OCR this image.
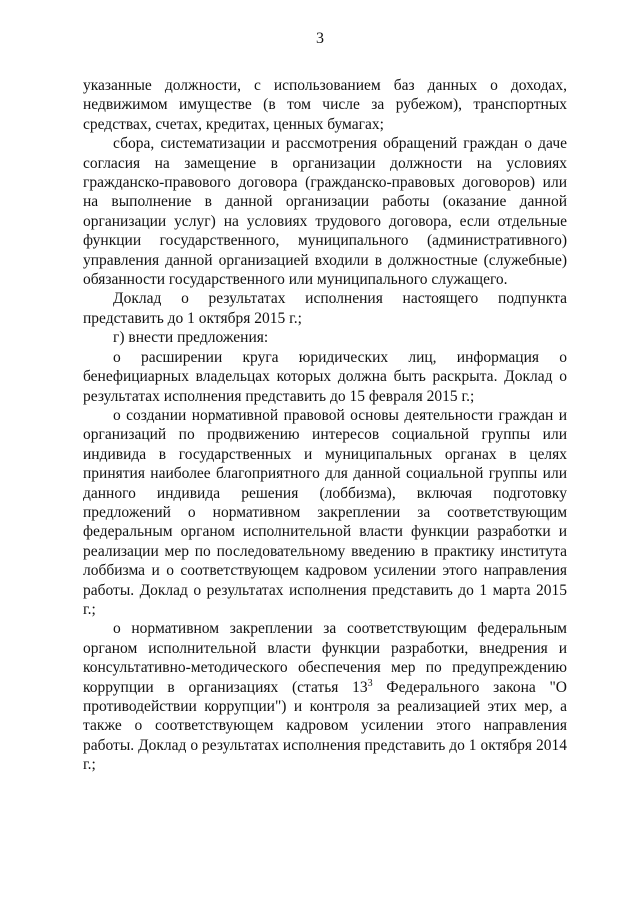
3

указанные должности, с использованием баз данных о доходах, недвижимом имуществе (в том числе за рубежом), транспортных средствах, счетах, кредитах, ценных бумагах;

сбора, систематизации и рассмотрения обращений граждан о даче согласия на замещение в организации должности на условиях гражданско-правового договора (гражданско-правовых договоров) или на выполнение в данной организации работы (оказание данной организации услуг) на условиях трудового договора, если отдельные функции государственного, муниципального (административного) управления данной организацией входили в должностные (служебные) обязанности государственного или муниципального служащего.

Доклад о результатах исполнения настоящего подпункта представить до 1 октября 2015 г.;

г) внести предложения:

о расширении круга юридических лиц, информация о бенефициарных владельцах которых должна быть раскрыта. Доклад о результатах исполнения представить до 15 февраля 2015 г.;

о создании нормативной правовой основы деятельности граждан и организаций по продвижению интересов социальной группы или индивида в государственных и муниципальных органах в целях принятия наиболее благоприятного для данной социальной группы или данного индивида решения (лоббизма), включая подготовку предложений о нормативном закреплении за соответствующим федеральным органом исполнительной власти функции разработки и реализации мер по последовательному введению в практику института лоббизма и о соответствующем кадровом усилении этого направления работы. Доклад о результатах исполнения представить до 1 марта 2015 г.;

о нормативном закреплении за соответствующим федеральным органом исполнительной власти функции разработки, внедрения и консультативно-методического обеспечения мер по предупреждению коррупции в организациях (статья $13^3$ Федерального закона "О противодействии коррупции") и контроля за реализацией этих мер, а также о соответствующем кадровом усилении этого направления работы. Доклад о результатах исполнения представить до 1 октября 2014 г.;
